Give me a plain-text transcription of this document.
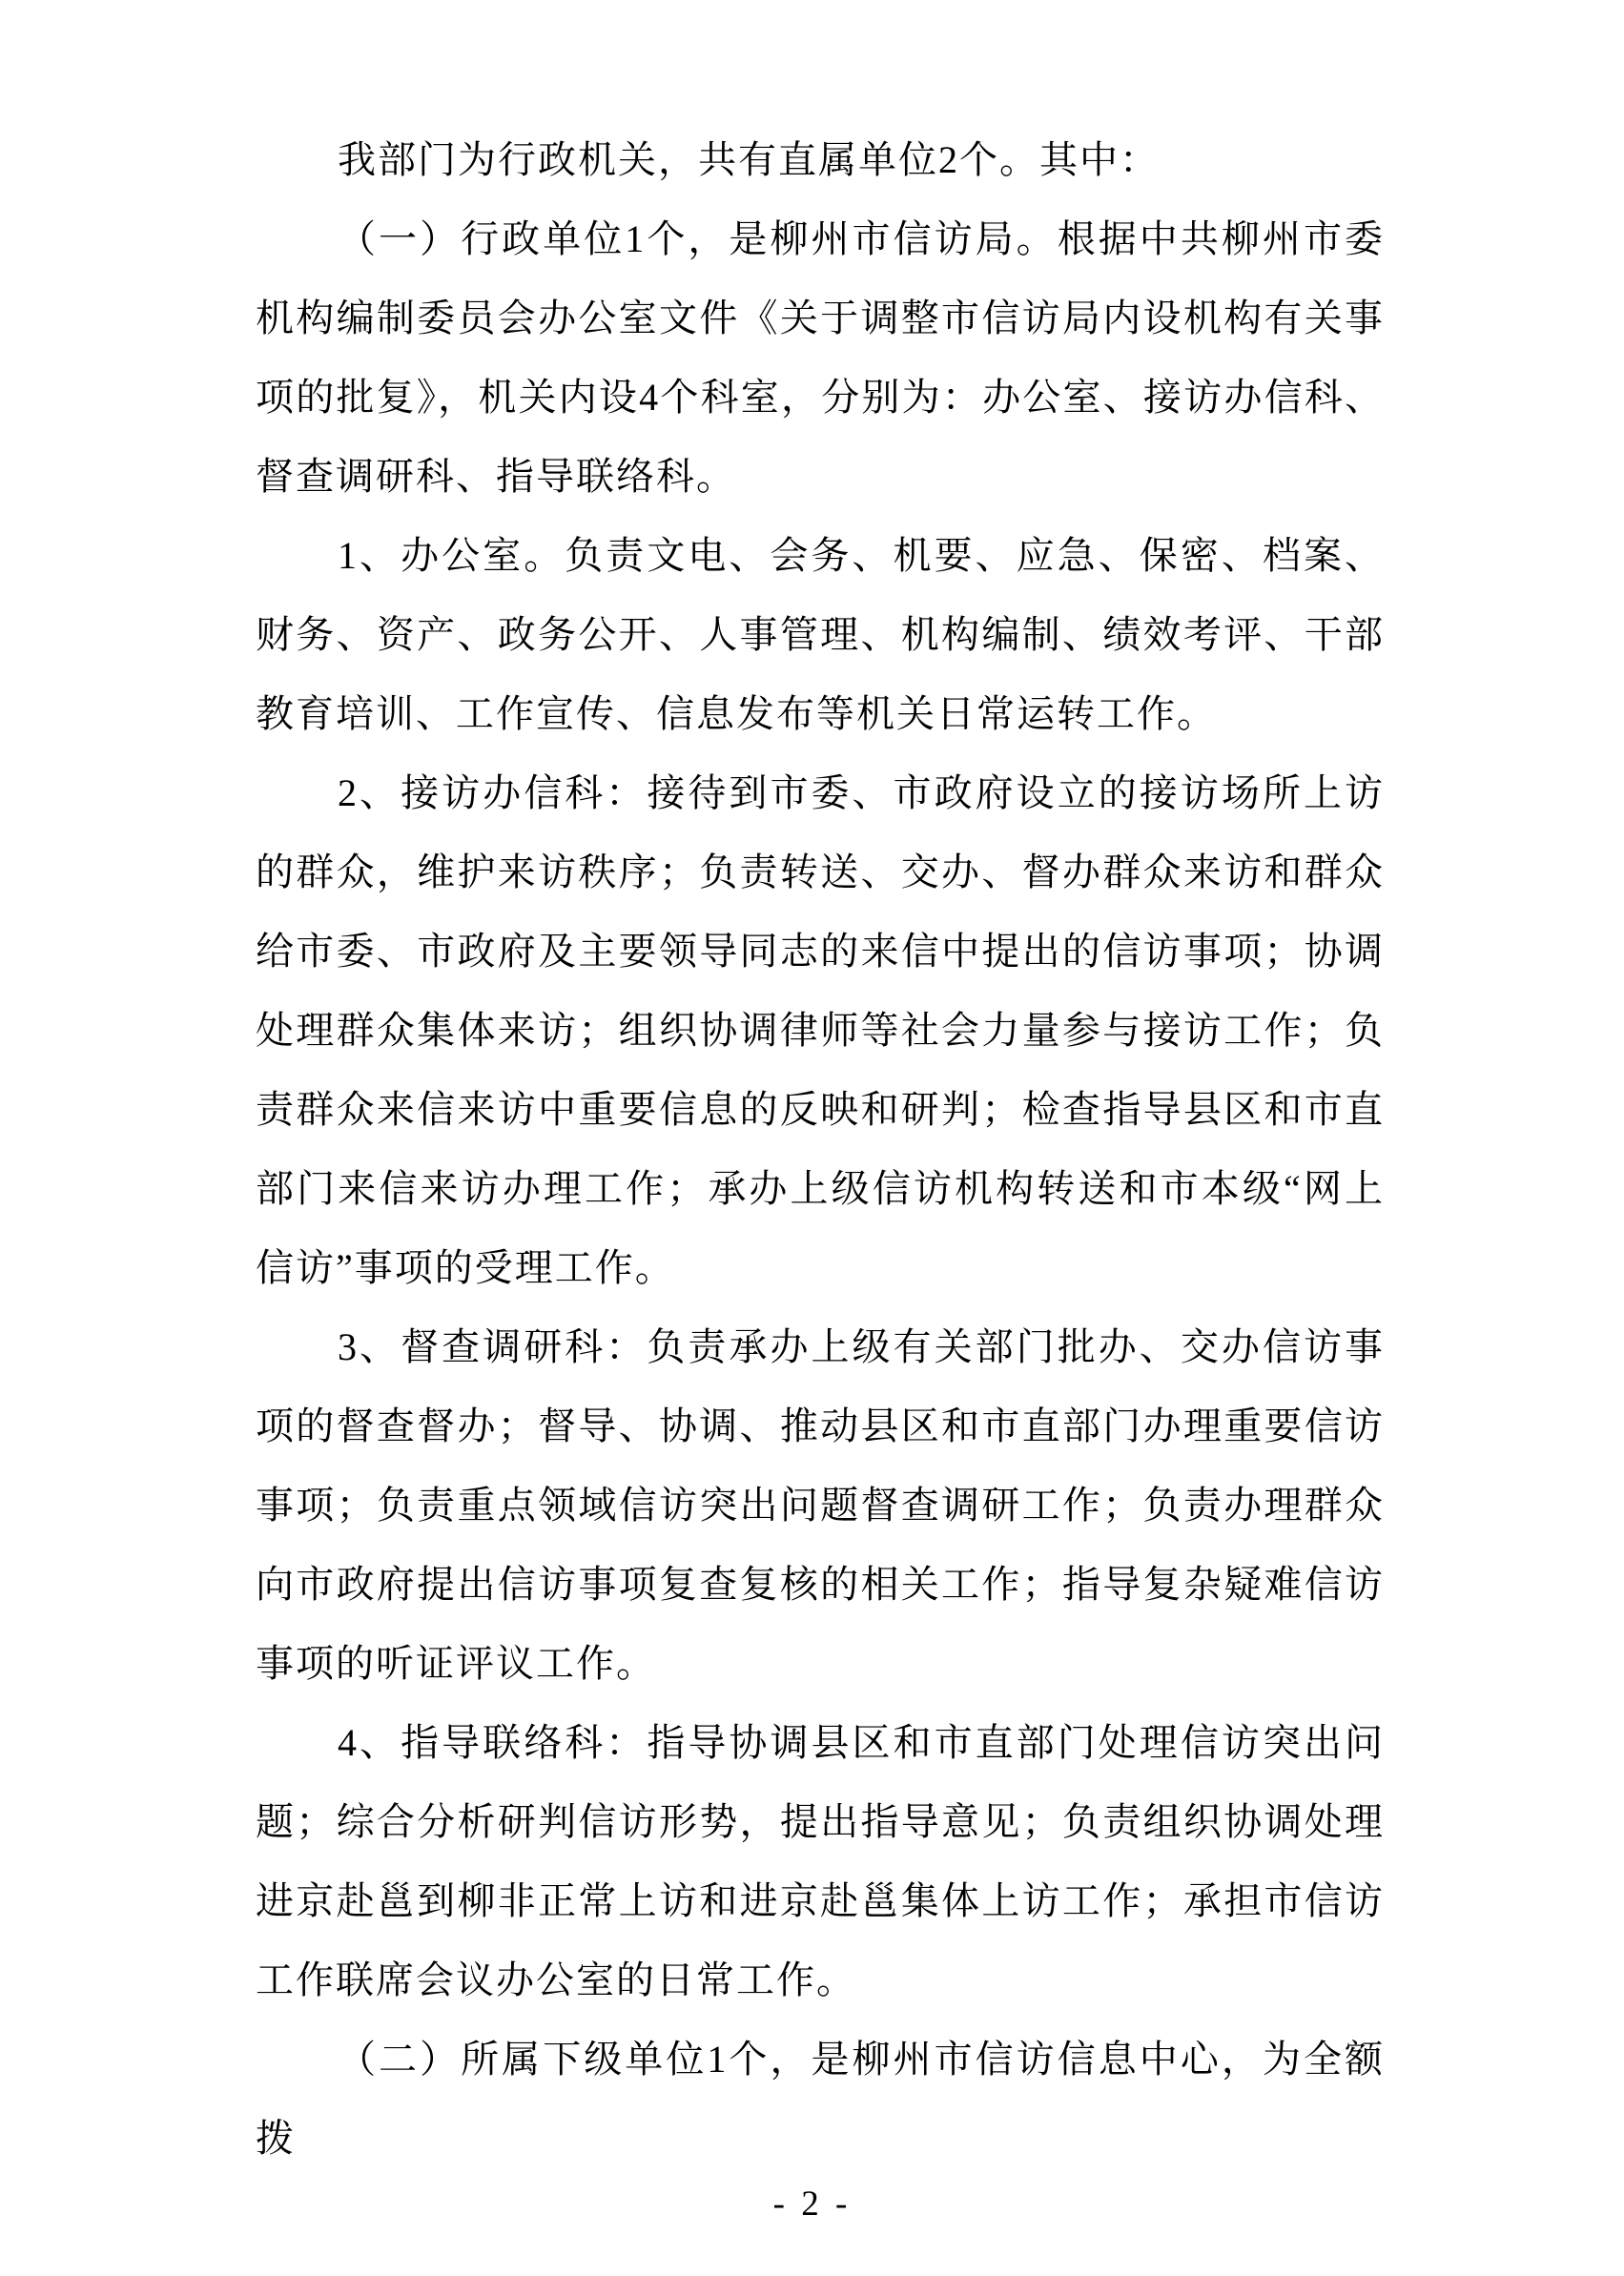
我部门为行政机关，共有直属单位2个。其中：

（一）行政单位1个，是柳州市信访局。根据中共柳州市委机构编制委员会办公室文件《关于调整市信访局内设机构有关事项的批复》，机关内设4个科室，分别为：办公室、接访办信科、督查调研科、指导联络科。

1、办公室。负责文电、会务、机要、应急、保密、档案、财务、资产、政务公开、人事管理、机构编制、绩效考评、干部教育培训、工作宣传、信息发布等机关日常运转工作。

2、接访办信科：接待到市委、市政府设立的接访场所上访的群众，维护来访秩序；负责转送、交办、督办群众来访和群众给市委、市政府及主要领导同志的来信中提出的信访事项；协调处理群众集体来访；组织协调律师等社会力量参与接访工作；负责群众来信来访中重要信息的反映和研判；检查指导县区和市直部门来信来访办理工作；承办上级信访机构转送和市本级“网上信访”事项的受理工作。

3、督查调研科：负责承办上级有关部门批办、交办信访事项的督查督办；督导、协调、推动县区和市直部门办理重要信访事项；负责重点领域信访突出问题督查调研工作；负责办理群众向市政府提出信访事项复查复核的相关工作；指导复杂疑难信访事项的听证评议工作。

4、指导联络科：指导协调县区和市直部门处理信访突出问题；综合分析研判信访形势，提出指导意见；负责组织协调处理进京赴邕到柳非正常上访和进京赴邕集体上访工作；承担市信访工作联席会议办公室的日常工作。

（二）所属下级单位1个，是柳州市信访信息中心，为全额拨

- 2 -
